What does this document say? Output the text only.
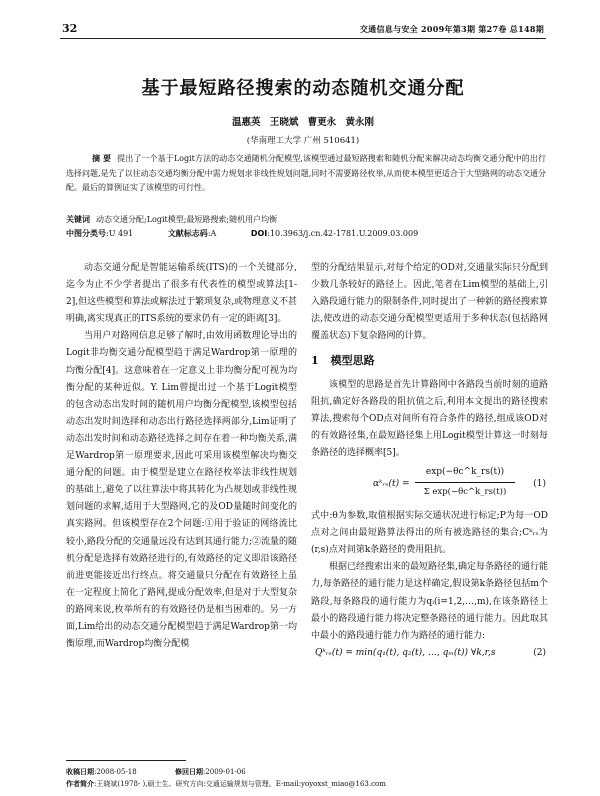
32	交通信息与安全 2009年第3期 第27卷 总148期
基于最短路径搜索的动态随机交通分配
温惠英 王晓斌 曹更永 黄永刚
(华南理工大学 广州 510641)
摘 要 提出了一个基于Logit方法的动态交通随机分配模型,该模型通过最短路搜索和随机分配来解决动态均衡交通分配中的出行选择问题,是先了以往动态交通均衡分配中需力规划求非线性规划问题,同时不需要路径枚举,从而使本模型更适合于大型路网的动态交通分配。最后的算例证实了该模型的可行性。
关键词 动态交通分配;Logit模型;最短路搜索;随机用户均衡
中图分类号:U 491	文献标志码:A	DOI:10.3963/j.cn.42-1781.U.2009.03.009

动态交通分配是智能运输系统(ITS)的一个关键部分,迄今为止不少学者提出了很多有代表性的模型或算法[1-2],但这些模型和算法或解法过于繁琐复杂,或物理意义不甚明确,离实现真正的ITS系统的要求仍有一定的距离[3]。

当用户对路网信息足够了解时,由效用函数理论导出的Logit非均衡交通分配模型趋于满足Wardrop第一原理的均衡分配[4]。这意味着在一定意义上非均衡分配可视为均衡分配的某种近似。Y. Lim曾提出过一个基于Logit模型的包含动态出发时间的随机用户均衡分配模型,该模型包括动态出发时间选择和动态出行路径选择两部分,Lim证明了动态出发时间和动态路径选择之间存在着一种均衡关系,满足Wardrop第一原理要求,因此可采用该模型解决均衡交通分配的问题。由于模型是建立在路径枚举法非线性规划的基础上,避免了以往算法中将其转化为凸规划或非线性规划问题的求解,适用于大型路网,它的及OD量随时间变化的真实路网。但该模型存在2个问题:①用于验证的网络流比较小,路段分配的交通量远没有达到其通行能力;②流量的随机分配是选择有效路径进行的,有效路径的定义即沿该路径前进更能接近出行终点。将交通量只分配在有效路径上虽在一定程度上简化了路网,提成分配效率,但是对于大型复杂的路网来说,枚举所有的有效路径仍是相当困难的。另一方面,Lim给出的动态交通分配模型趋于满足Wardrop第一均衡原理,而Wardrop均衡分配模

型的分配结果显示,对每个给定的OD对,交通量实际只分配到少数几条较好的路径上。因此,笔者在Lim模型的基础上,引入路段通行能力的限制条件,同时提出了一种新的路径搜索算法,使改进的动态交通分配模型更适用于多种状态(包括路网覆盖状态)下复杂路网的计算。

1 模型思路

该模型的思路是首先计算路网中各路段当前时刻的道路阻抗,确定好各路段的阻抗值之后,利用本文提出的路径搜索算法,搜索每个OD点对间所有符合条件的路径,组成该OD对的有效路径集,在最短路径集上用Logit模型计算这一时刻每条路径的选择概率[5]。

αᵏᵣₛ(t) = $\frac{\exp(-\theta c\^{}k\_rs(t))}{\text{Σ exp(−θc\textasciicircum{}k\_rs(t))}} (1)$

式中:θ为参数,取值根据实际交通状况进行标定;P为每一OD点对之间由最短路算法得出的所有被选路径的集合;Cᵏᵣₛ为(r,s)点对间第k条路径的费用阻抗。

根据已经搜索出来的最短路径集,确定每条路径的通行能力,每条路径的通行能力是这样确定,假设第k条路径包括m个路段,每条路段的通行能力为qᵢ(i=1,2,…,m),在该条路径上最小的路段通行能力将决定整条路径的通行能力。因此取其中最小的路段通行能力作为路径的通行能力:

Qᵏᵣₛ(t) = min(q₁(t), q₂(t), …, qₘ(t)) ∀k,r,s	(2)
收稿日期:2008-05-18	修回日期:2009-01-06
作者简介:王晓斌(1978- ),硕士生。研究方向:交通运输规划与管理。E-mail:yoyoxst_miao@163.com
